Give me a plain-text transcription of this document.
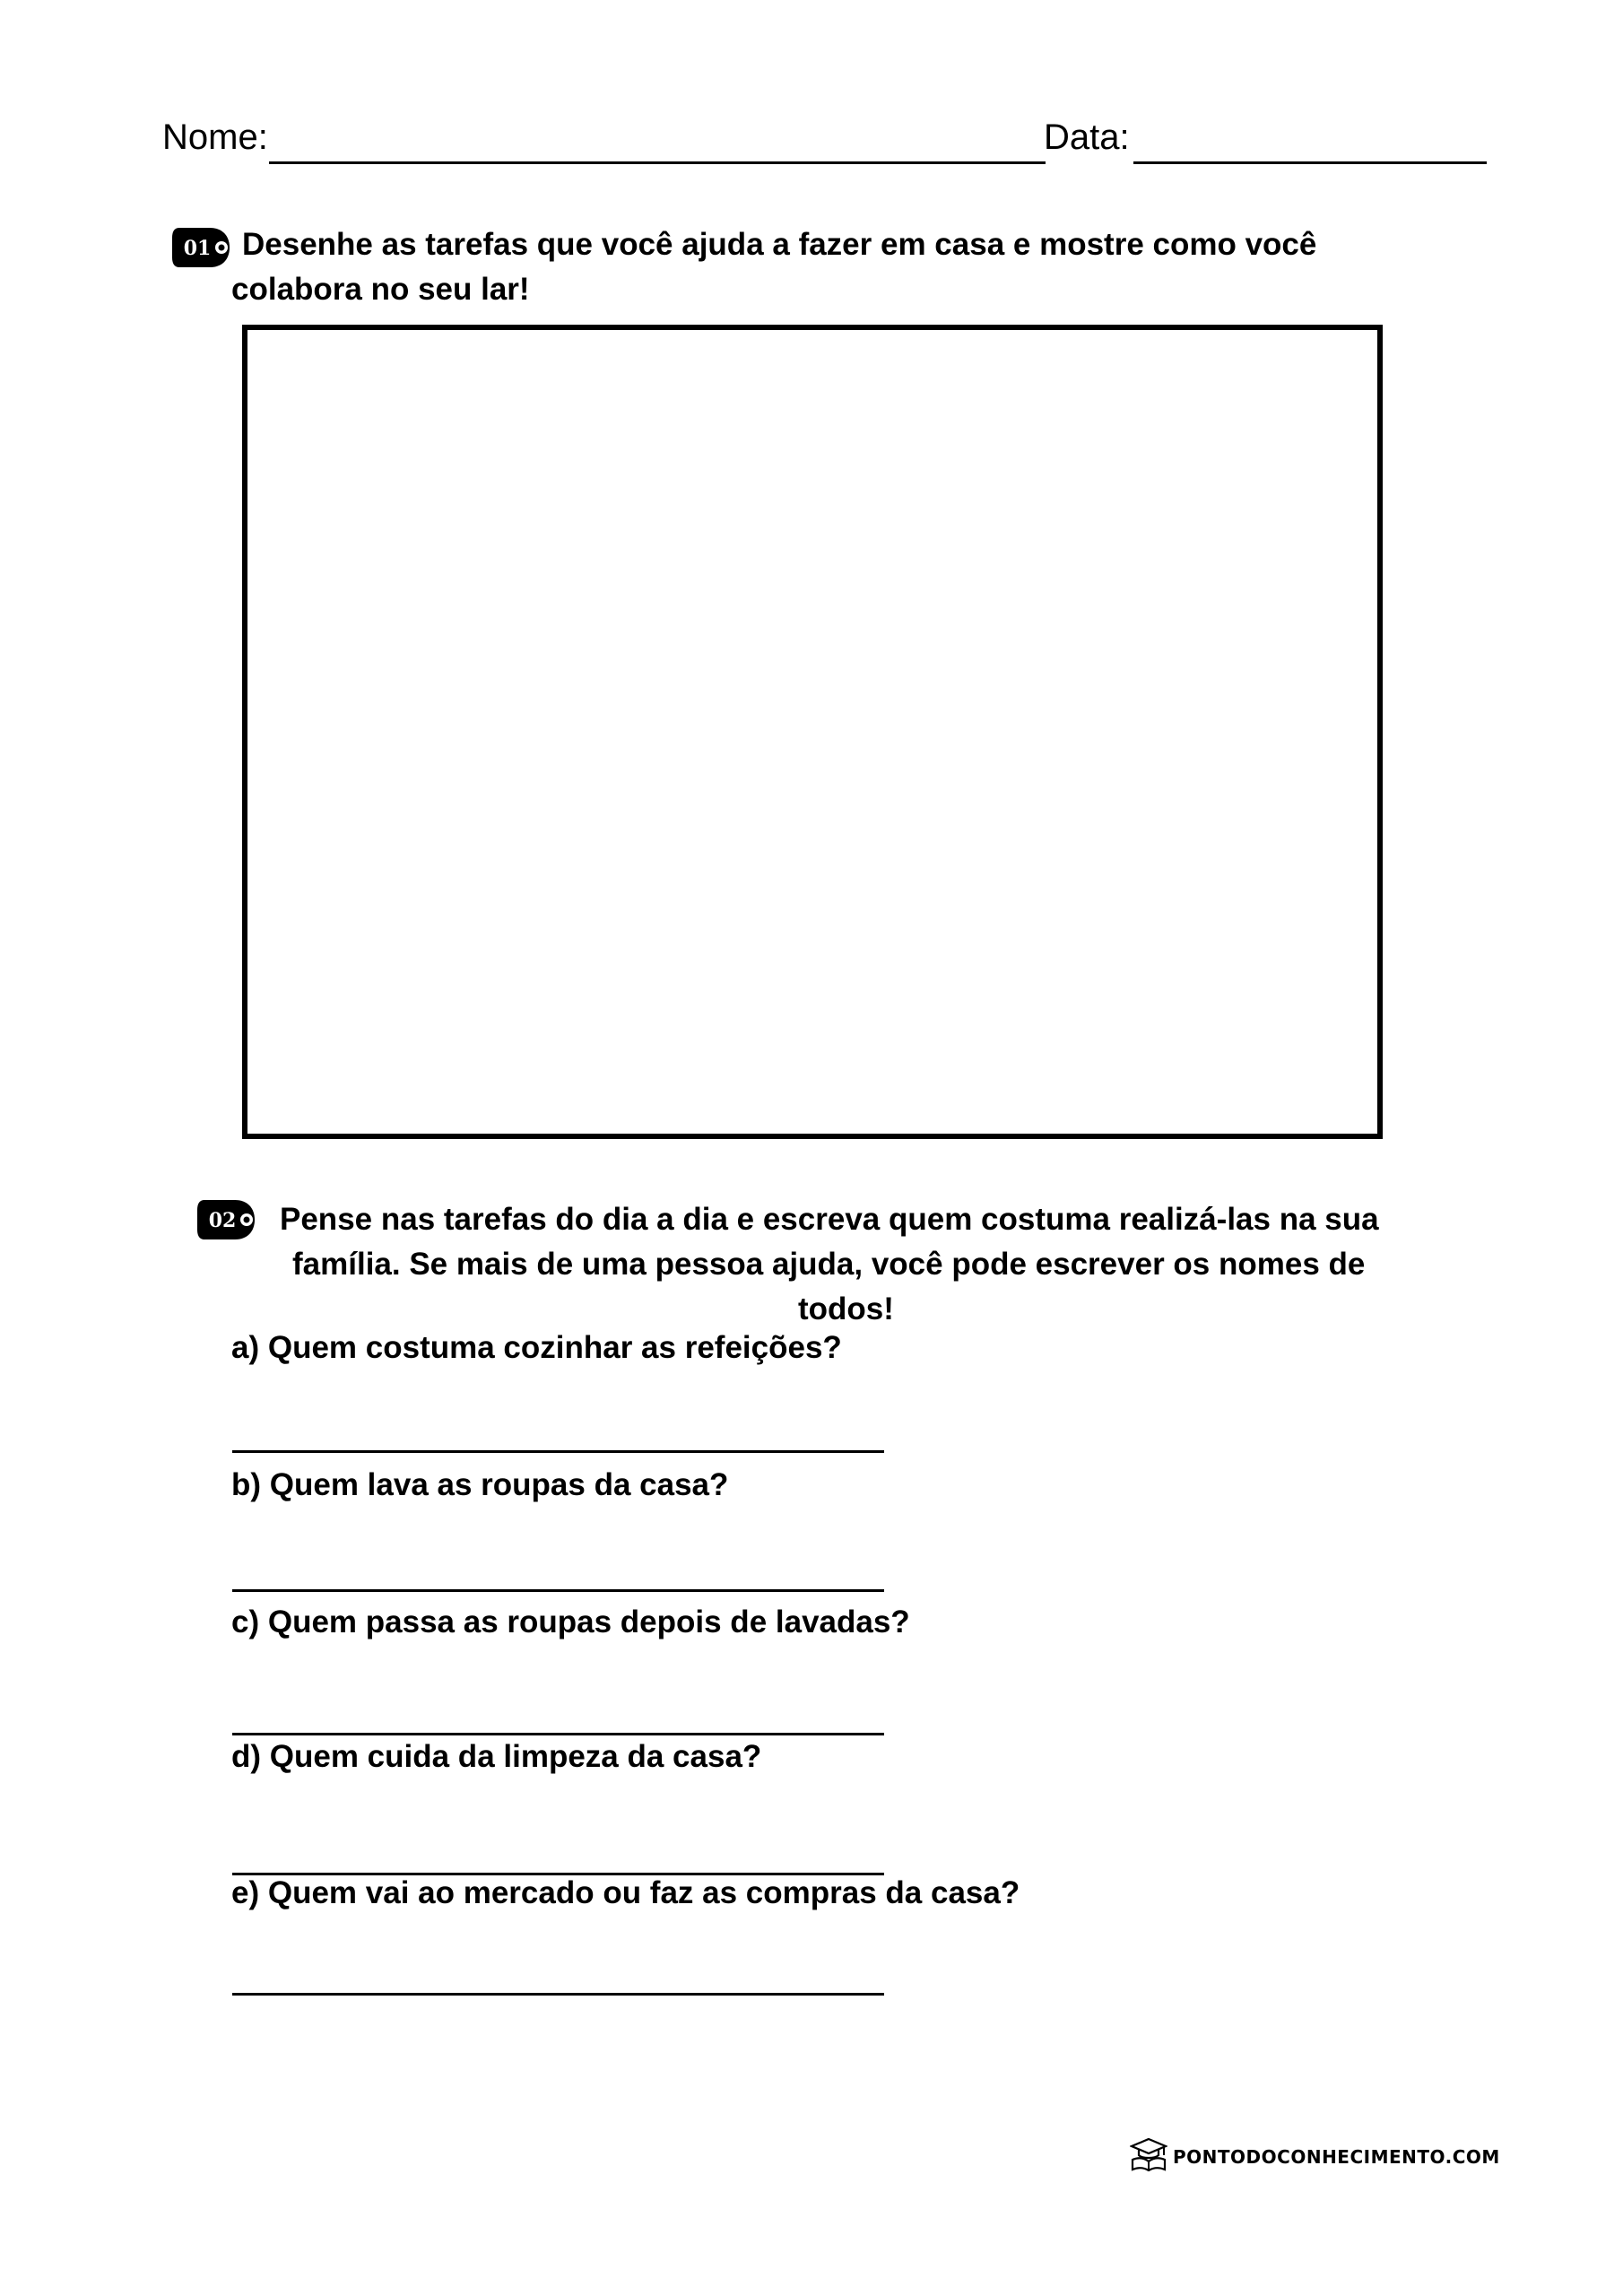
Nome:	Data:
01 Desenhe as tarefas que você ajuda a fazer em casa e mostre como você
colabora no seu lar!
02 Pense nas tarefas do dia a dia e escreva quem costuma realizá-las na sua
família. Se mais de uma pessoa ajuda, você pode escrever os nomes de
todos!
a) Quem costuma cozinhar as refeições?
b) Quem lava as roupas da casa?
c) Quem passa as roupas depois de lavadas?
d) Quem cuida da limpeza da casa?
e) Quem vai ao mercado ou faz as compras da casa?
PONTODOCONHECIMENTO.COM
